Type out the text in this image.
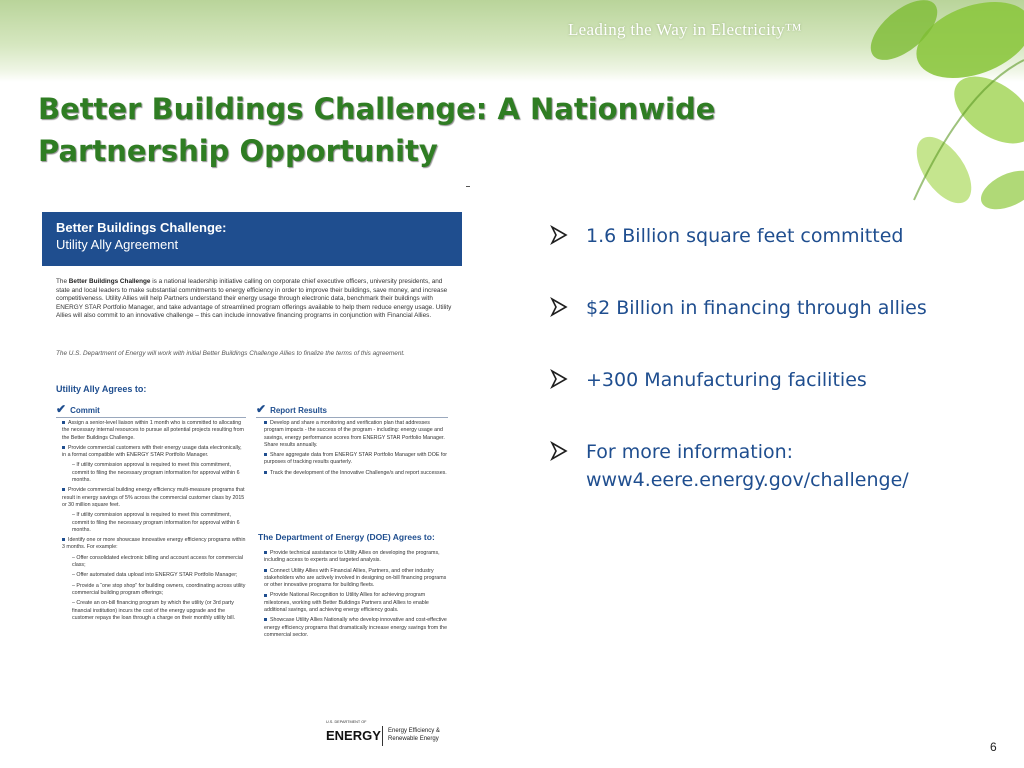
Leading the Way in Electricity™
Better Buildings Challenge: A Nationwide
Partnership Opportunity
Better Buildings Challenge:
Utility Ally Agreement
The Better Buildings Challenge is a national leadership initiative calling on corporate chief executive officers, university presidents, and state and local leaders to make substantial commitments to energy efficiency in order to improve their buildings, save money, and increase competitiveness. Utility Allies will help Partners understand their energy usage through electronic data, benchmark their buildings with ENERGY STAR Portfolio Manager, and take advantage of streamlined program offerings available to help them reduce energy usage. Utility Allies will also commit to an innovative challenge – this can include innovative financing programs in conjunction with Financial Allies.
The U.S. Department of Energy will work with initial Better Buildings Challenge Allies to finalize the terms of this agreement.
Utility Ally Agrees to:
✔ Commit

Assign a senior-level liaison within 1 month who is committed to allocating the necessary internal resources to pursue all potential projects resulting from the Better Buildings Challenge.

Provide commercial customers with their energy usage data electronically, in a format compatible with ENERGY STAR Portfolio Manager.

– If utility commission approval is required to meet this commitment, commit to filing the necessary program information for approval within 6 months.

Provide commercial building energy efficiency multi-measure programs that result in energy savings of 5% across the commercial customer class by 2015 or 30 million square feet.

– If utility commission approval is required to meet this commitment, commit to filing the necessary program information for approval within 6 months.

Identify one or more showcase innovative energy efficiency programs within 3 months. For example:

– Offer consolidated electronic billing and account access for commercial class;

– Offer automated data upload into ENERGY STAR Portfolio Manager;

– Provide a “one stop shop” for building owners, coordinating across utility commercial building program offerings;

– Create an on-bill financing program by which the utility (or 3rd party financial institution) incurs the cost of the energy upgrade and the customer repays the loan through a charge on their monthly utility bill.

✔ Report Results

Develop and share a monitoring and verification plan that addresses program impacts - the success of the program - including: energy usage and savings, energy performance scores from ENERGY STAR Portfolio Manager. Share results annually.

Share aggregate data from ENERGY STAR Portfolio Manager with DOE for purposes of tracking results quarterly.

Track the development of the Innovative Challenge/s and report successes.

The Department of Energy (DOE) Agrees to:

Provide technical assistance to Utility Allies on developing the programs, including access to experts and targeted analysis.

Connect Utility Allies with Financial Allies, Partners, and other industry stakeholders who are actively involved in designing on-bill financing programs or other innovative programs for building fleets.

Provide National Recognition to Utility Allies for achieving program milestones, working with Better Buildings Partners and Allies to enable additional savings, and achieving energy efficiency goals.

Showcase Utility Allies Nationally who develop innovative and cost-effective energy efficiency programs that dramatically increase energy savings from the commercial sector.

U.S. DEPARTMENT OF
ENERGY Energy Efficiency &
Renewable Energy
1.6 Billion square feet committed
$2 Billion in financing through allies
+300 Manufacturing facilities
For more information:
www4.eere.energy.gov/challenge/
6
